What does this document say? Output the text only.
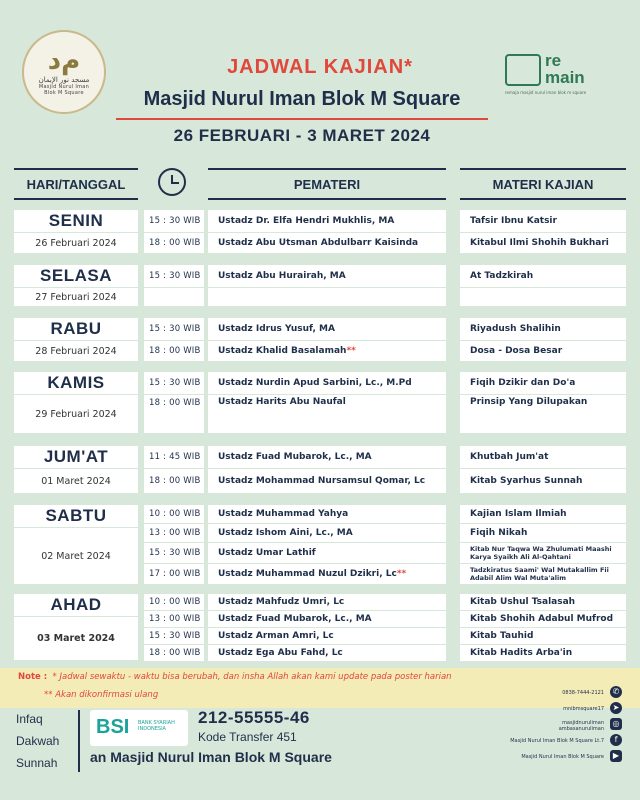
ﻡد
مسجد نور الإيمان
Masjid Nurul Iman
Blok M Square
JADWAL KAJIAN*
Masjid Nurul Iman Blok M Square
26 FEBRUARI - 3 MARET 2024
re
main
remaja masjid nurul iman blok m square
HARI/TANGGAL	PEMATERI	MATERI KAJIAN
SENIN
26 Februari 2024
15 : 30 WIB	Ustadz Dr. Elfa Hendri Mukhlis, MA	Tafsir Ibnu Katsir
18 : 00 WIB	Ustadz Abu Utsman Abdulbarr Kaisinda	Kitabul Ilmi Shohih Bukhari
SELASA
27 Februari 2024
15 : 30 WIB	Ustadz Abu Hurairah, MA	At Tadzkirah
RABU
28 Februari 2024
15 : 30 WIB	Ustadz Idrus Yusuf, MA	Riyadush Shalihin
18 : 00 WIB	Ustadz Khalid Basalamah **	Dosa - Dosa Besar
KAMIS
29 Februari 2024
15 : 30 WIB	Ustadz Nurdin Apud Sarbini, Lc., M.Pd	Fiqih Dzikir dan Do'a
18 : 00 WIB	Ustadz Harits Abu Naufal	Prinsip Yang Dilupakan
JUM'AT
01 Maret 2024
11 : 45 WIB	Ustadz Fuad Mubarok, Lc., MA	Khutbah Jum'at
18 : 00 WIB	Ustadz Mohammad Nursamsul Qomar, Lc	Kitab Syarhus Sunnah
SABTU
02 Maret 2024
10 : 00 WIB	Ustadz Muhammad Yahya	Kajian Islam Ilmiah
13 : 00 WIB	Ustadz Ishom Aini, Lc., MA	Fiqih Nikah
15 : 30 WIB	Ustadz Umar Lathif	Kitab Nur Taqwa Wa Zhulumati Maashi Karya Syaikh Ali Al-Qahtani
17 : 00 WIB	Ustadz Muhammad Nuzul Dzikri, Lc **	Tadzkiratus Saami' Wal Mutakallim Fii Adabil Alim Wal Muta'alim
AHAD
03 Maret 2024
10 : 00 WIB	Ustadz Mahfudz Umri, Lc	Kitab Ushul Tsalasah
13 : 00 WIB	Ustadz Fuad Mubarok, Lc., MA	Kitab Shohih Adabul Mufrod
15 : 30 WIB	Ustadz Arman Amri, Lc	Kitab Tauhid
18 : 00 WIB	Ustadz Ega Abu Fahd, Lc	Kitab Hadits Arba'in
Note : * Jadwal sewaktu - waktu bisa berubah, dan insha Allah akan kami update pada poster harian
** Akan dikonfirmasi ulang
Infaq
Dakwah
Sunnah
BSI BANK SYARIAH INDONESIA
212-55555-46
Kode Transfer 451
an Masjid Nurul Iman Blok M Square
0838-7444-2121	✆
mnibmsquare17	➤
masjidnuruliman ambasanuruliman
◎
Masjid Nurul Iman Blok M Square Lt.7	f
Masjid Nurul Iman Blok M Square	▶
